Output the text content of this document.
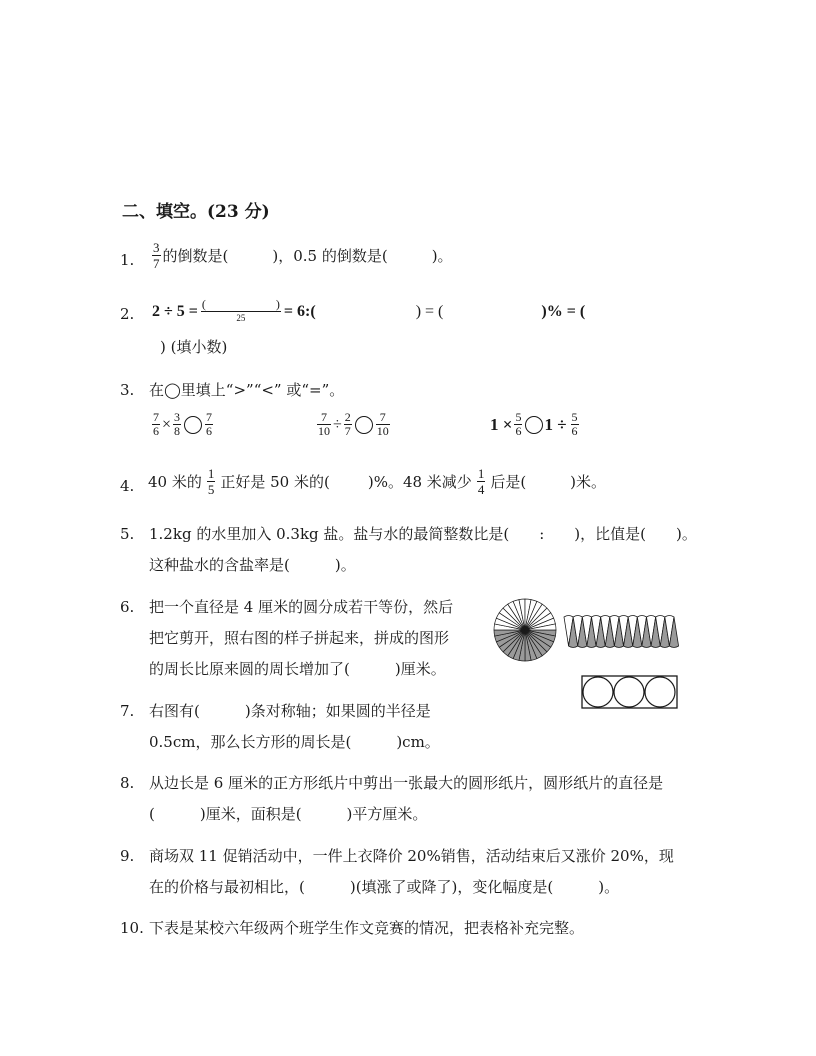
二、填空。(23 分)
1. $\frac{3}{7}$ 的倒数是(	)，0.5 的倒数是(	)。
2. 2 ÷ 5 = (	)
25 = 6:(	) = (	)% = (
) (填小数)
3. 在◯里填上“>”“<” 或“=”。
$\frac{7}{6} \times \frac{3}{8} \frac{7}{6}$	$\frac{7}{10} \div \frac{2}{7} \frac{7}{10}$	$1 \times \frac{5}{6} 1 \div \frac{5}{6}$
4. 40 米的 $\frac{1}{5}$ 正好是 50 米的(	)%。48 米减少 $\frac{1}{4}$ 后是(	)米。
5. 1.2kg 的水里加入 0.3kg 盐。盐与水的最简整数比是(　　:　　)，比值是(　　)。
这种盐水的含盐率是(　　　)。
6. 把一个直径是 4 厘米的圆分成若干等份，然后
把它剪开，照右图的样子拼起来，拼成的图形
的周长比原来圆的周长增加了(　　　)厘米。
7. 右图有(　　　)条对称轴；如果圆的半径是
0.5cm，那么长方形的周长是(　　　)cm。
8. 从边长是 6 厘米的正方形纸片中剪出一张最大的圆形纸片，圆形纸片的直径是
(　　　)厘米，面积是(　　　)平方厘米。
9. 商场双 11 促销活动中，一件上衣降价 20%销售，活动结束后又涨价 20%，现
在的价格与最初相比，(　　　)(填涨了或降了)，变化幅度是(　　　)。
10. 下表是某校六年级两个班学生作文竞赛的情况，把表格补充完整。
